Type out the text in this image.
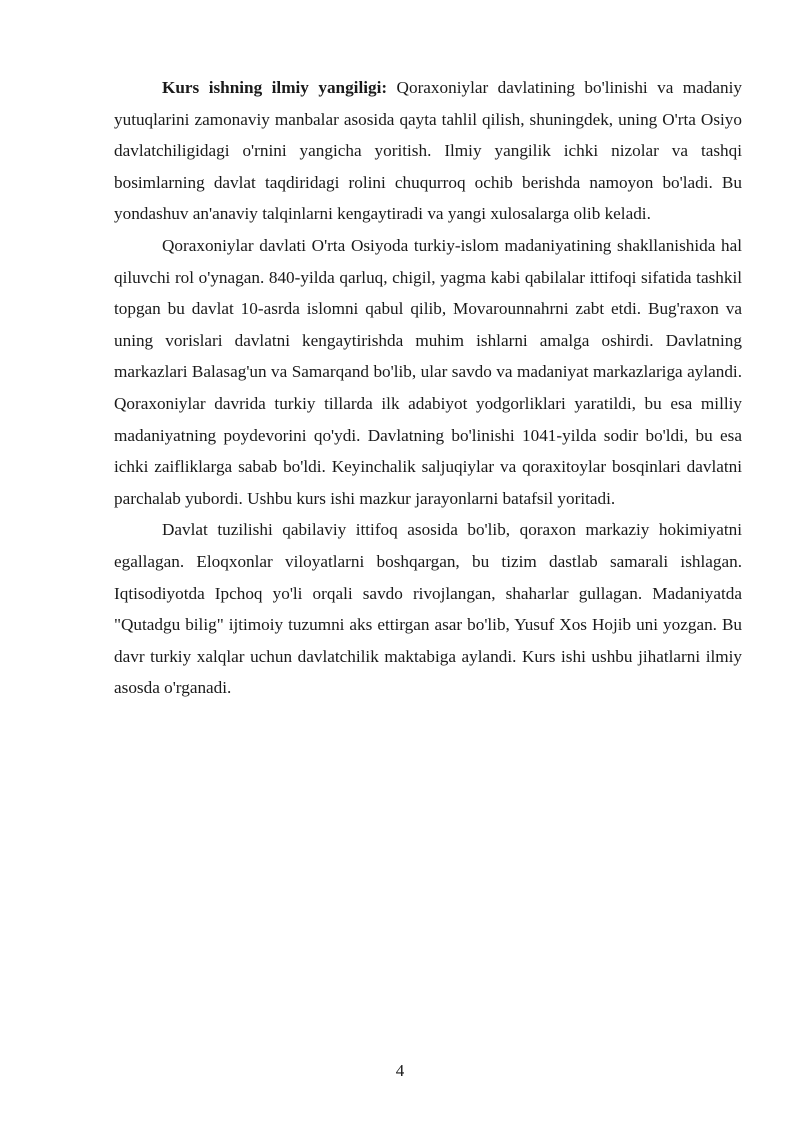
Kurs ishning ilmiy yangiligi: Qoraxoniylar davlatining bo'linishi va madaniy yutuqlarini zamonaviy manbalar asosida qayta tahlil qilish, shuningdek, uning O'rta Osiyo davlatchiligidagi o'rnini yangicha yoritish. Ilmiy yangilik ichki nizolar va tashqi bosimlarning davlat taqdiridagi rolini chuqurroq ochib berishda namoyon bo'ladi. Bu yondashuv an'anaviy talqinlarni kengaytiradi va yangi xulosalarga olib keladi.

Qoraxoniylar davlati O'rta Osiyoda turkiy-islom madaniyatining shakllanishida hal qiluvchi rol o'ynagan. 840-yilda qarluq, chigil, yagma kabi qabilalar ittifoqi sifatida tashkil topgan bu davlat 10-asrda islomni qabul qilib, Movarounnahrni zabt etdi. Bug'raxon va uning vorislari davlatni kengaytirishda muhim ishlarni amalga oshirdi. Davlatning markazlari Balasag'un va Samarqand bo'lib, ular savdo va madaniyat markazlariga aylandi. Qoraxoniylar davrida turkiy tillarda ilk adabiyot yodgorliklari yaratildi, bu esa milliy madaniyatning poydevorini qo'ydi. Davlatning bo'linishi 1041-yilda sodir bo'ldi, bu esa ichki zaifliklarga sabab bo'ldi. Keyinchalik saljuqiylar va qoraxitoylar bosqinlari davlatni parchalab yubordi. Ushbu kurs ishi mazkur jarayonlarni batafsil yoritadi.

Davlat tuzilishi qabilaviy ittifoq asosida bo'lib, qoraxon markaziy hokimiyatni egallagan. Eloqxonlar viloyatlarni boshqargan, bu tizim dastlab samarali ishlagan. Iqtisodiyotda Ipchoq yo'li orqali savdo rivojlangan, shaharlar gullagan. Madaniyatda "Qutadgu bilig" ijtimoiy tuzumni aks ettirgan asar bo'lib, Yusuf Xos Hojib uni yozgan. Bu davr turkiy xalqlar uchun davlatchilik maktabiga aylandi. Kurs ishi ushbu jihatlarni ilmiy asosda o'rganadi.

4
